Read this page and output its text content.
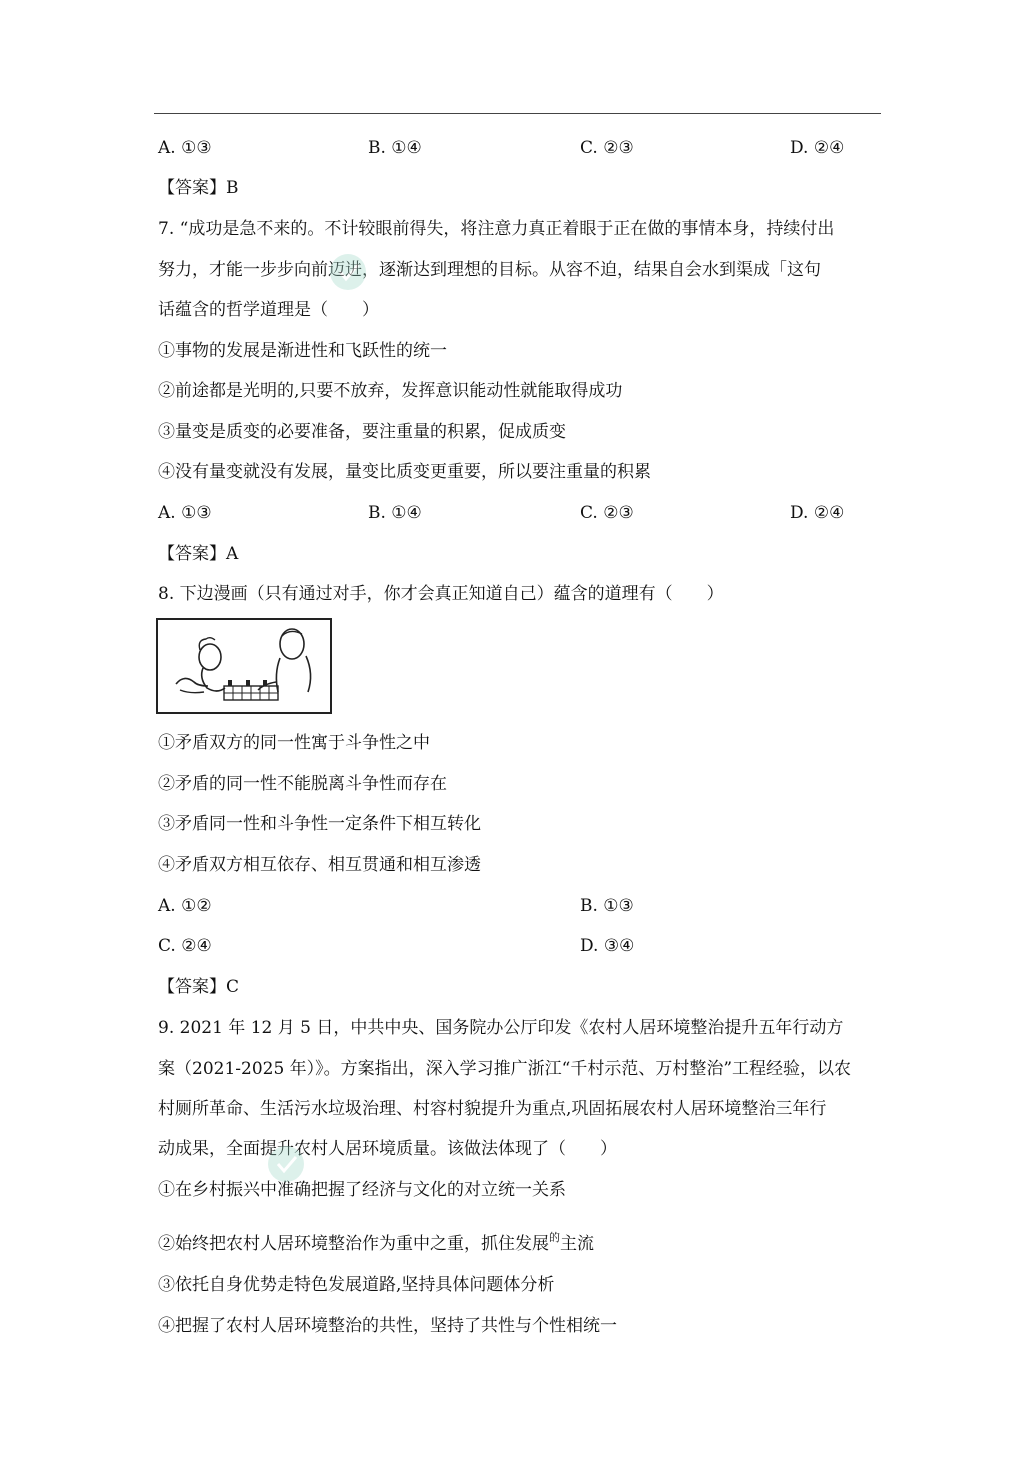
A. ①③	B. ①④	C. ②③	D. ②④
【答案】B
7. “成功是急不来的。不计较眼前得失，将注意力真正着眼于正在做的事情本身，持续付出
努力，才能一步步向前迈进，逐渐达到理想的目标。从容不迫，结果自会水到渠成「这句
话蕴含的哲学道理是（　　）
①事物的发展是渐进性和飞跃性的统一
②前途都是光明的,只要不放弃，发挥意识能动性就能取得成功
③量变是质变的必要准备，要注重量的积累，促成质变
④没有量变就没有发展，量变比质变更重要，所以要注重量的积累
A. ①③	B. ①④	C. ②③	D. ②④
【答案】A
8. 下边漫画（只有通过对手，你才会真正知道自己）蕴含的道理有（　　）
①矛盾双方的同一性寓于斗争性之中
②矛盾的同一性不能脱离斗争性而存在
③矛盾同一性和斗争性一定条件下相互转化
④矛盾双方相互依存、相互贯通和相互渗透
A. ①②	B. ①③
C. ②④	D. ③④
【答案】C
9. 2021 年 12 月 5 日，中共中央、国务院办公厅印发《农村人居环境整治提升五年行动方
案（2021-2025 年）》。方案指出，深入学习推广浙江“千村示范、万村整治”工程经验，以农
村厕所革命、生活污水垃圾治理、村容村貌提升为重点,巩固拓展农村人居环境整治三年行
动成果，全面提升农村人居环境质量。该做法体现了（　　）
①在乡村振兴中准确把握了经济与文化的对立统一关系
②始终把农村人居环境整治作为重中之重，抓住发展$^的$主流
③依托自身优势走特色发展道路,坚持具体问题体分析
④把握了农村人居环境整治的共性，坚持了共性与个性相统一
